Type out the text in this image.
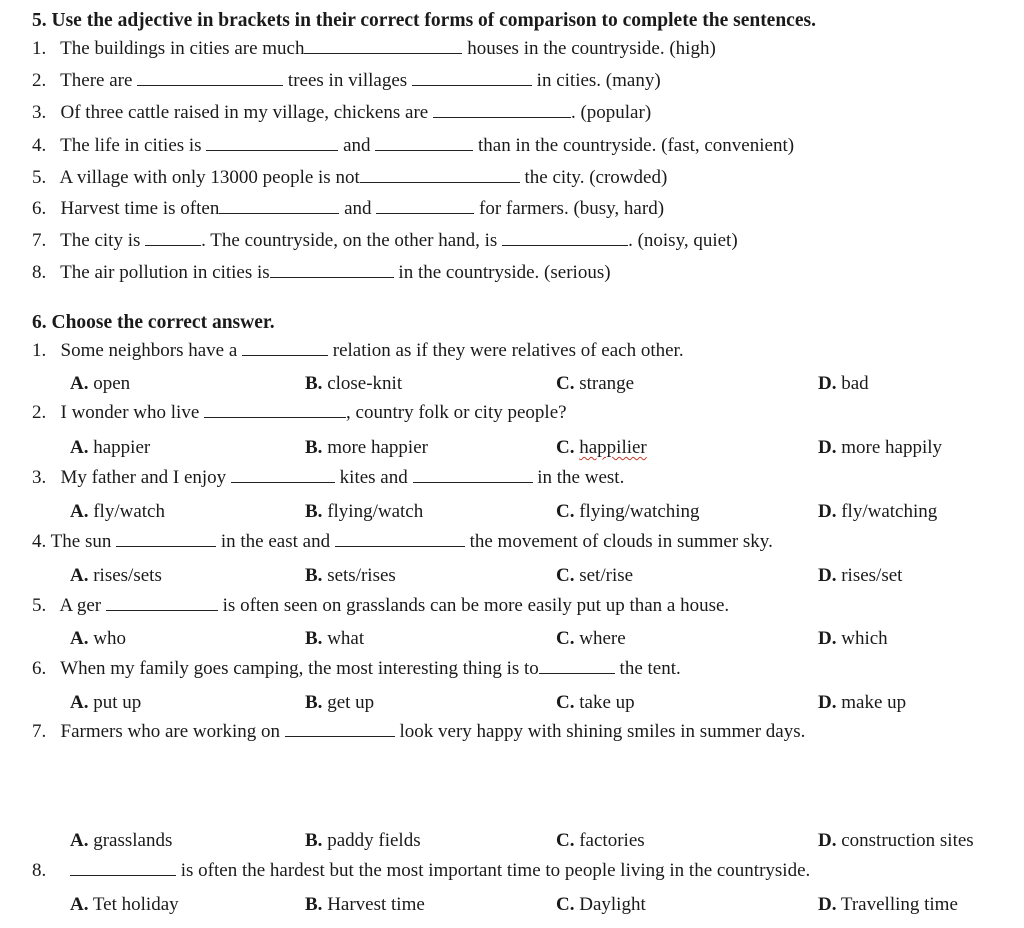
5. Use the adjective in brackets in their correct forms of comparison to complete the sentences.
1. The buildings in cities are much	houses in the countryside. (high)
2. There are	trees in villages	in cities. (many)
3. Of three cattle raised in my village, chickens are	. (popular)
4. The life in cities is	and	than in the countryside. (fast, convenient)
5. A village with only 13000 people is not	the city. (crowded)
6. Harvest time is often	and	for farmers. (busy, hard)
7. The city is	. The countryside, on the other hand, is	. (noisy, quiet)
8. The air pollution in cities is	in the countryside. (serious)
6. Choose the correct answer.
1. Some neighbors have a	relation as if they were relatives of each other.
A. open	B. close-knit	C. strange	D. bad
2. I wonder who live	, country folk or city people?
A. happier	B. more happier	C. happilier	D. more happily
3. My father and I enjoy	kites and	in the west.
A. fly/watch	B. flying/watch	C. flying/watching	D. fly/watching
4. The sun	in the east and	the movement of clouds in summer sky.
A. rises/sets	B. sets/rises	C. set/rise	D. rises/set
5. A ger	is often seen on grasslands can be more easily put up than a house.
A. who	B. what	C. where	D. which
6. When my family goes camping, the most interesting thing is to	the tent.
A. put up	B. get up	C. take up	D. make up
7. Farmers who are working on	look very happy with shining smiles in summer days.
A. grasslands	B. paddy fields	C. factories	D. construction sites
8.	is often the hardest but the most important time to people living in the countryside.
A. Tet holiday	B. Harvest time	C. Daylight	D. Travelling time
